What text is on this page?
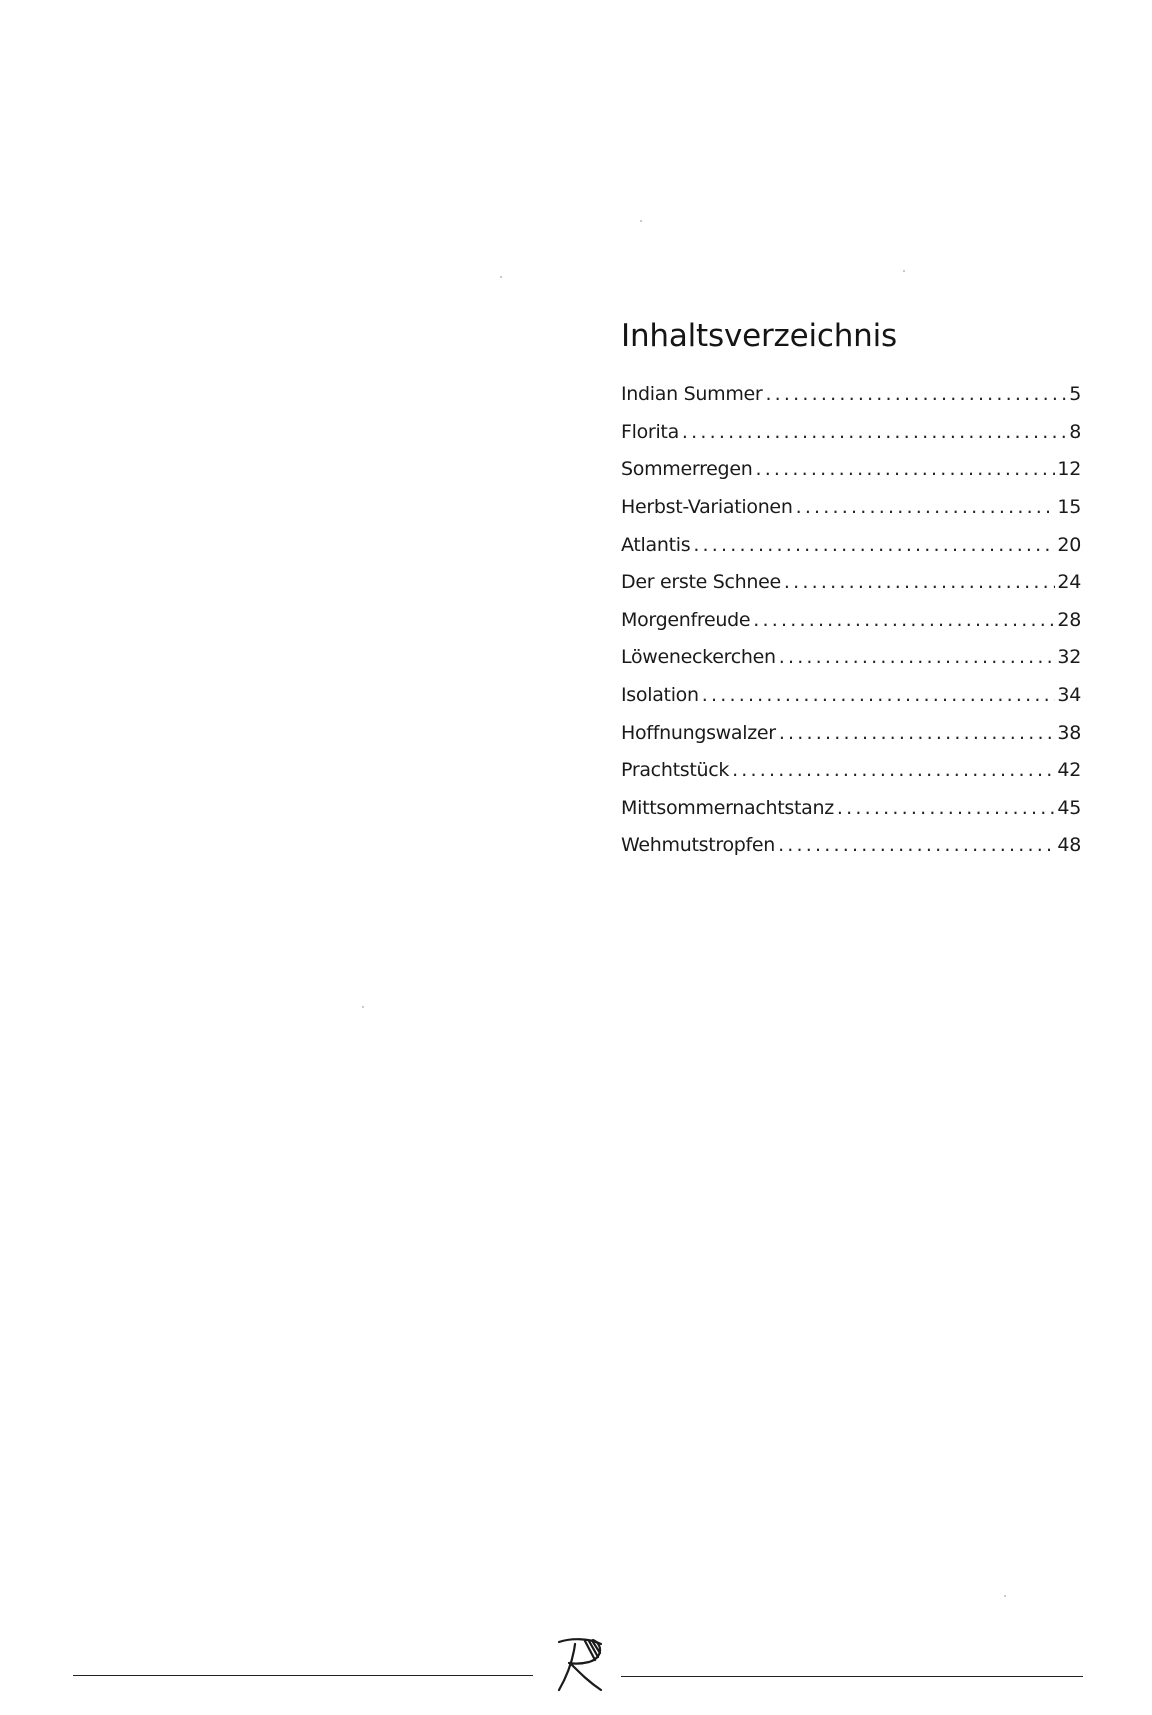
Inhaltsverzeichnis
Indian Summer .....	5
Florita .....	8
Sommerregen .....	12
Herbst-Variationen .....	15
Atlantis .....	20
Der erste Schnee .....	24
Morgenfreude .....	28
Löweneckerchen .....	32
Isolation .....	34
Hoffnungswalzer .....	38
Prachtstück .....	42
Mittsommernachtstanz .....	45
Wehmutstropfen .....	48
